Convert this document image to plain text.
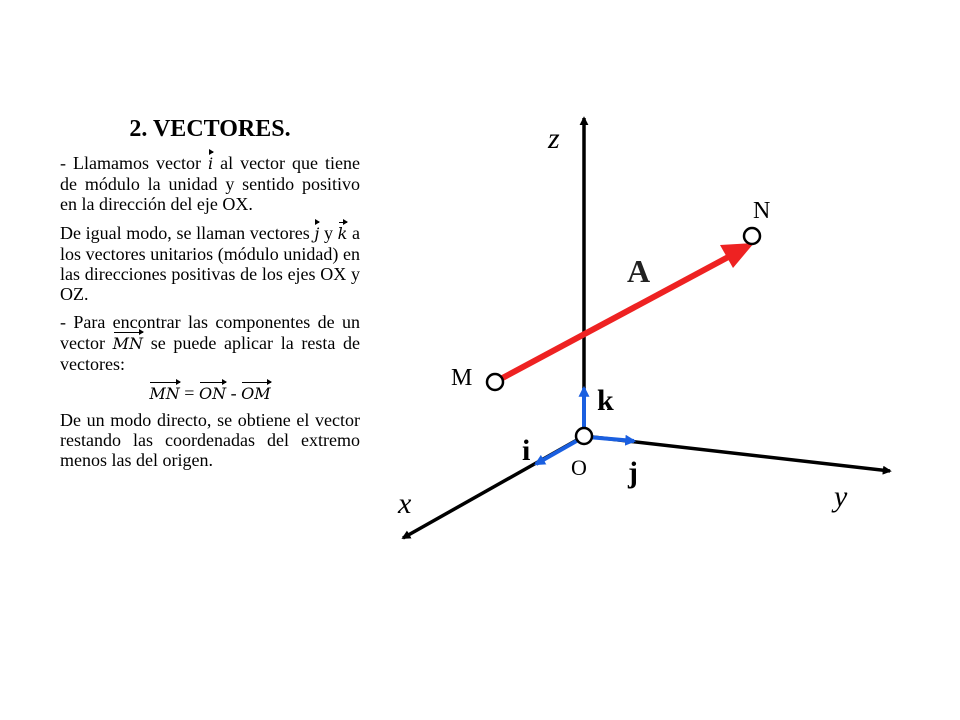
2. VECTORES.

- Llamamos vector i al vector que tiene de módulo la unidad y sentido positivo en la dirección del eje OX.

De igual modo, se llaman vectores j y k a los vectores unitarios (módulo unidad) en las direcciones positivas de los ejes OX y OZ.

- Para encontrar las componentes de un vector MN se puede aplicar la resta de vectores:

MN = ON - OM

De un modo directo, se obtiene el vector restando las coordenadas del extremo menos las del origen.

z
x	y
M
N
A
O
i
j
k
